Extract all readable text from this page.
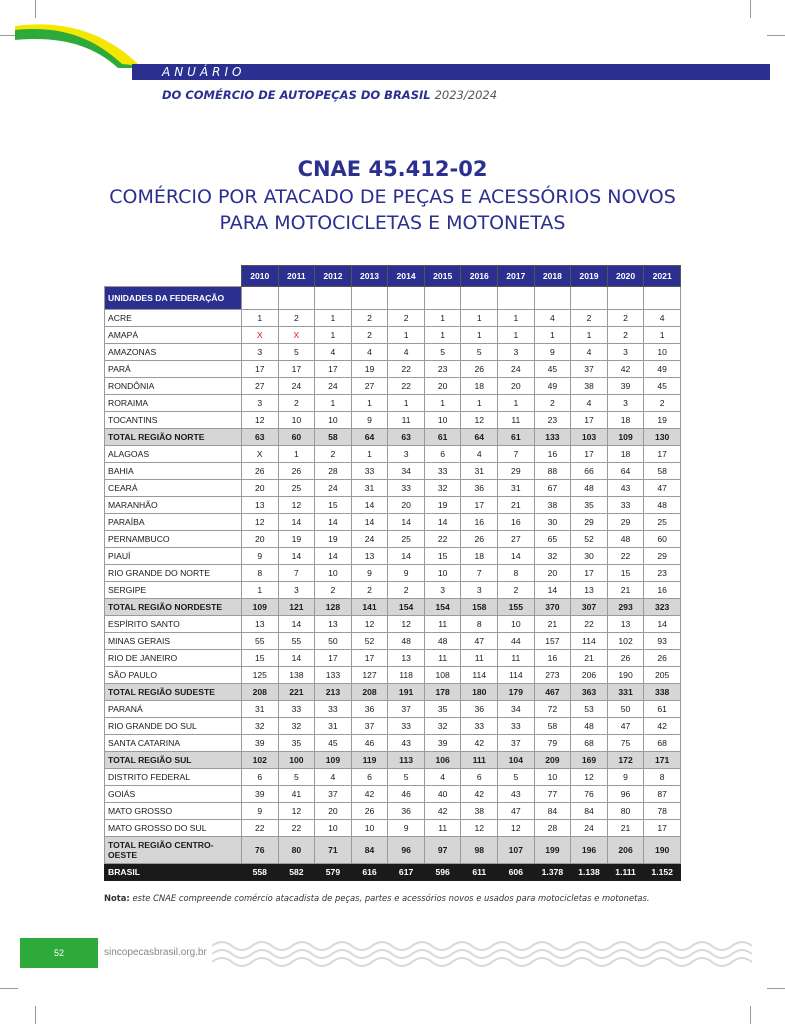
ANUÁRIO
DO COMÉRCIO DE AUTOPEÇAS DO BRASIL 2023/2024
CNAE 45.412-02
COMÉRCIO POR ATACADO DE PEÇAS E ACESSÓRIOS NOVOS
PARA MOTOCICLETAS E MOTONETAS
	2010	2011	2012	2013	2014	2015	2016	2017	2018	2019	2020	2021
UNIDADES DA FEDERAÇÃO												
ACRE	1	2	1	2	2	1	1	1	4	2	2	4
AMAPÁ	X	X	1	2	1	1	1	1	1	1	2	1
AMAZONAS	3	5	4	4	4	5	5	3	9	4	3	10
PARÁ	17	17	17	19	22	23	26	24	45	37	42	49
RONDÔNIA	27	24	24	27	22	20	18	20	49	38	39	45
RORAIMA	3	2	1	1	1	1	1	1	2	4	3	2
TOCANTINS	12	10	10	9	11	10	12	11	23	17	18	19
TOTAL REGIÃO NORTE	63	60	58	64	63	61	64	61	133	103	109	130
ALAGOAS	X	1	2	1	3	6	4	7	16	17	18	17
BAHIA	26	26	28	33	34	33	31	29	88	66	64	58
CEARÁ	20	25	24	31	33	32	36	31	67	48	43	47
MARANHÃO	13	12	15	14	20	19	17	21	38	35	33	48
PARAÍBA	12	14	14	14	14	14	16	16	30	29	29	25
PERNAMBUCO	20	19	19	24	25	22	26	27	65	52	48	60
PIAUÍ	9	14	14	13	14	15	18	14	32	30	22	29
RIO GRANDE DO NORTE	8	7	10	9	9	10	7	8	20	17	15	23
SERGIPE	1	3	2	2	2	3	3	2	14	13	21	16
TOTAL REGIÃO NORDESTE	109	121	128	141	154	154	158	155	370	307	293	323
ESPÍRITO SANTO	13	14	13	12	12	11	8	10	21	22	13	14
MINAS GERAIS	55	55	50	52	48	48	47	44	157	114	102	93
RIO DE JANEIRO	15	14	17	17	13	11	11	11	16	21	26	26
SÃO PAULO	125	138	133	127	118	108	114	114	273	206	190	205
TOTAL REGIÃO SUDESTE	208	221	213	208	191	178	180	179	467	363	331	338
PARANÁ	31	33	33	36	37	35	36	34	72	53	50	61
RIO GRANDE DO SUL	32	32	31	37	33	32	33	33	58	48	47	42
SANTA CATARINA	39	35	45	46	43	39	42	37	79	68	75	68
TOTAL REGIÃO SUL	102	100	109	119	113	106	111	104	209	169	172	171
DISTRITO FEDERAL	6	5	4	6	5	4	6	5	10	12	9	8
GOIÁS	39	41	37	42	46	40	42	43	77	76	96	87
MATO GROSSO	9	12	20	26	36	42	38	47	84	84	80	78
MATO GROSSO DO SUL	22	22	10	10	9	11	12	12	28	24	21	17
TOTAL REGIÃO CENTRO-OESTE	76	80	71	84	96	97	98	107	199	196	206	190
BRASIL	558	582	579	616	617	596	611	606	1.378	1.138	1.111	1.152
Nota: este CNAE compreende comércio atacadista de peças, partes e acessórios novos e usados para motocicletas e motonetas.
52	sincopecasbrasil.org.br
